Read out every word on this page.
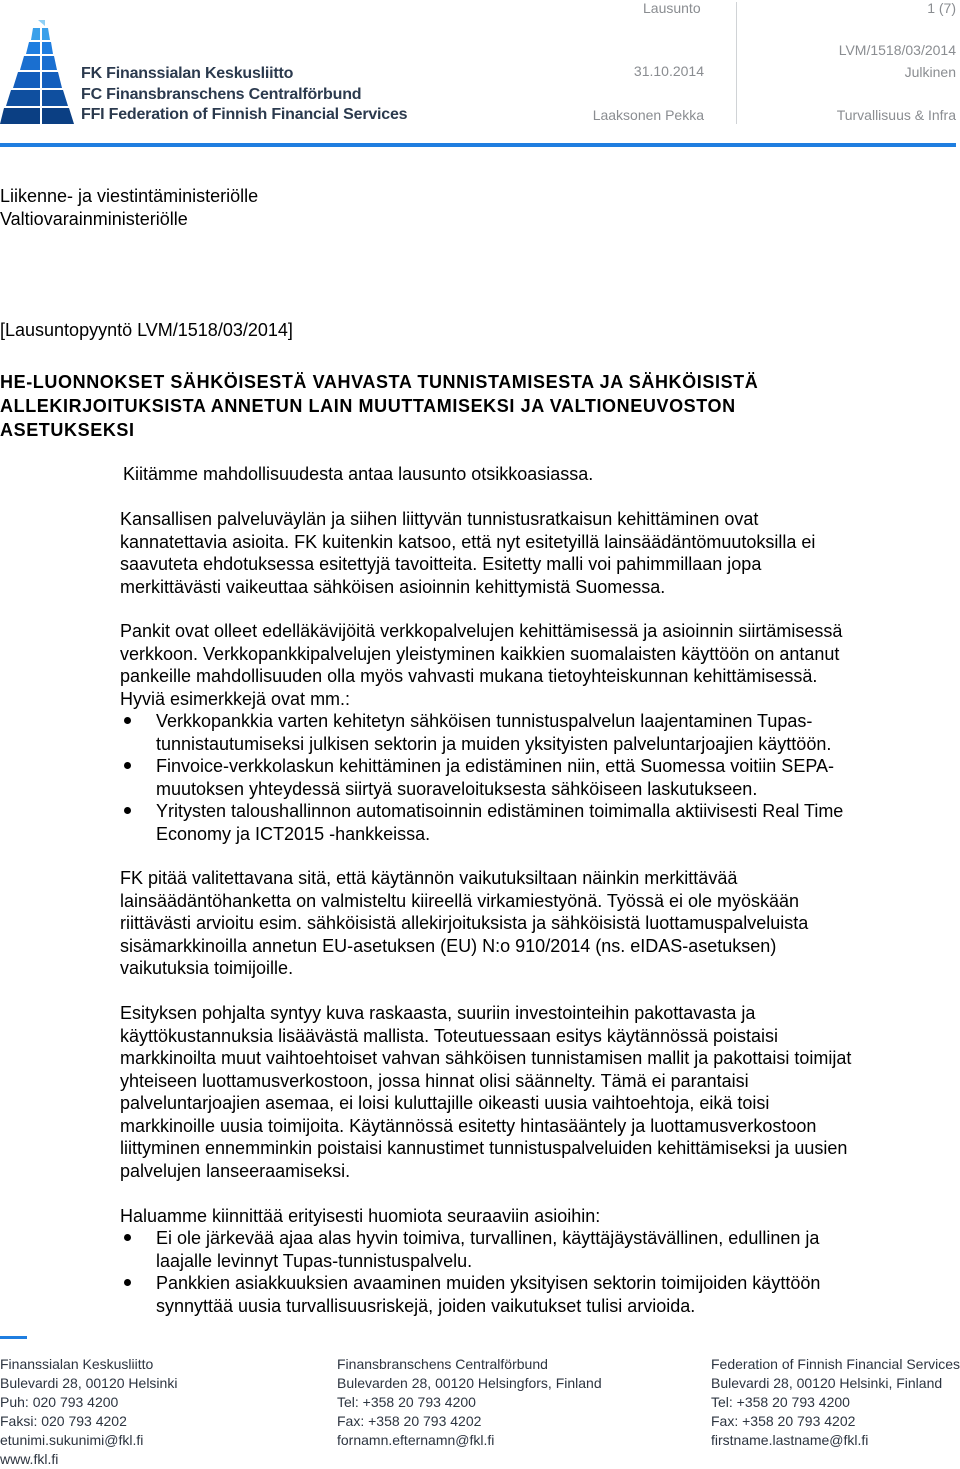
FK Finanssialan Keskusliitto
FC Finansbranschens Centralförbund
FFI Federation of Finnish Financial Services
Lausunto	1 (7)
31.10.2014
LVM/1518/03/2014
Julkinen
Laaksonen Pekka	Turvallisuus & Infra
Liikenne- ja viestintäministeriölle
Valtiovarainministeriölle
[Lausuntopyyntö LVM/1518/03/2014]
HE-LUONNOKSET SÄHKÖISESTÄ VAHVASTA TUNNISTAMISESTA JA SÄHKÖISISTÄ
ALLEKIRJOITUKSISTA ANNETUN LAIN MUUTTAMISEKSI JA VALTIONEUVOSTON
ASETUKSEKSI
Kiitämme mahdollisuudesta antaa lausunto otsikkoasiassa.
Kansallisen palveluväylän ja siihen liittyvän tunnistusratkaisun kehittäminen ovat
kannatettavia asioita. FK kuitenkin katsoo, että nyt esitetyillä lainsäädäntömuutoksilla ei
saavuteta ehdotuksessa esitettyjä tavoitteita. Esitetty malli voi pahimmillaan jopa
merkittävästi vaikeuttaa sähköisen asioinnin kehittymistä Suomessa.
Pankit ovat olleet edelläkävijöitä verkkopalvelujen kehittämisessä ja asioinnin siirtämisessä
verkkoon. Verkkopankkipalvelujen yleistyminen kaikkien suomalaisten käyttöön on antanut
pankeille mahdollisuuden olla myös vahvasti mukana tietoyhteiskunnan kehittämisessä.
Hyviä esimerkkejä ovat mm.:
Verkkopankkia varten kehitetyn sähköisen tunnistuspalvelun laajentaminen Tupas-
tunnistautumiseksi julkisen sektorin ja muiden yksityisten palveluntarjoajien käyttöön.
Finvoice-verkkolaskun kehittäminen ja edistäminen niin, että Suomessa voitiin SEPA-
muutoksen yhteydessä siirtyä suoraveloituksesta sähköiseen laskutukseen.
Yritysten taloushallinnon automatisoinnin edistäminen toimimalla aktiivisesti Real Time
Economy ja ICT2015 -hankkeissa.
FK pitää valitettavana sitä, että käytännön vaikutuksiltaan näinkin merkittävää
lainsäädäntöhanketta on valmisteltu kiireellä virkamiestyönä. Työssä ei ole myöskään
riittävästi arvioitu esim. sähköisistä allekirjoituksista ja sähköisistä luottamuspalveluista
sisämarkkinoilla annetun EU-asetuksen (EU) N:o 910/2014 (ns. eIDAS-asetuksen)
vaikutuksia toimijoille.
Esityksen pohjalta syntyy kuva raskaasta, suuriin investointeihin pakottavasta ja
käyttökustannuksia lisäävästä mallista. Toteutuessaan esitys käytännössä poistaisi
markkinoilta muut vaihtoehtoiset vahvan sähköisen tunnistamisen mallit ja pakottaisi toimijat
yhteiseen luottamusverkostoon, jossa hinnat olisi säännelty. Tämä ei parantaisi
palveluntarjoajien asemaa, ei loisi kuluttajille oikeasti uusia vaihtoehtoja, eikä toisi
markkinoille uusia toimijoita. Käytännössä esitetty hintasääntely ja luottamusverkostoon
liittyminen ennemminkin poistaisi kannustimet tunnistuspalveluiden kehittämiseksi ja uusien
palvelujen lanseeraamiseksi.
Haluamme kiinnittää erityisesti huomiota seuraaviin asioihin:
Ei ole järkevää ajaa alas hyvin toimiva, turvallinen, käyttäjäystävällinen, edullinen ja
laajalle levinnyt Tupas-tunnistuspalvelu.
Pankkien asiakkuuksien avaaminen muiden yksityisen sektorin toimijoiden käyttöön
synnyttää uusia turvallisuusriskejä, joiden vaikutukset tulisi arvioida.
Finanssialan Keskusliitto
Bulevardi 28, 00120 Helsinki
Puh: 020 793 4200
Faksi: 020 793 4202
etunimi.sukunimi@fkl.fi
www.fkl.fi
Finansbranschens Centralförbund
Bulevarden 28, 00120 Helsingfors, Finland
Tel: +358 20 793 4200
Fax: +358 20 793 4202
fornamn.efternamn@fkl.fi
Federation of Finnish Financial Services
Bulevardi 28, 00120 Helsinki, Finland
Tel: +358 20 793 4200
Fax: +358 20 793 4202
firstname.lastname@fkl.fi
